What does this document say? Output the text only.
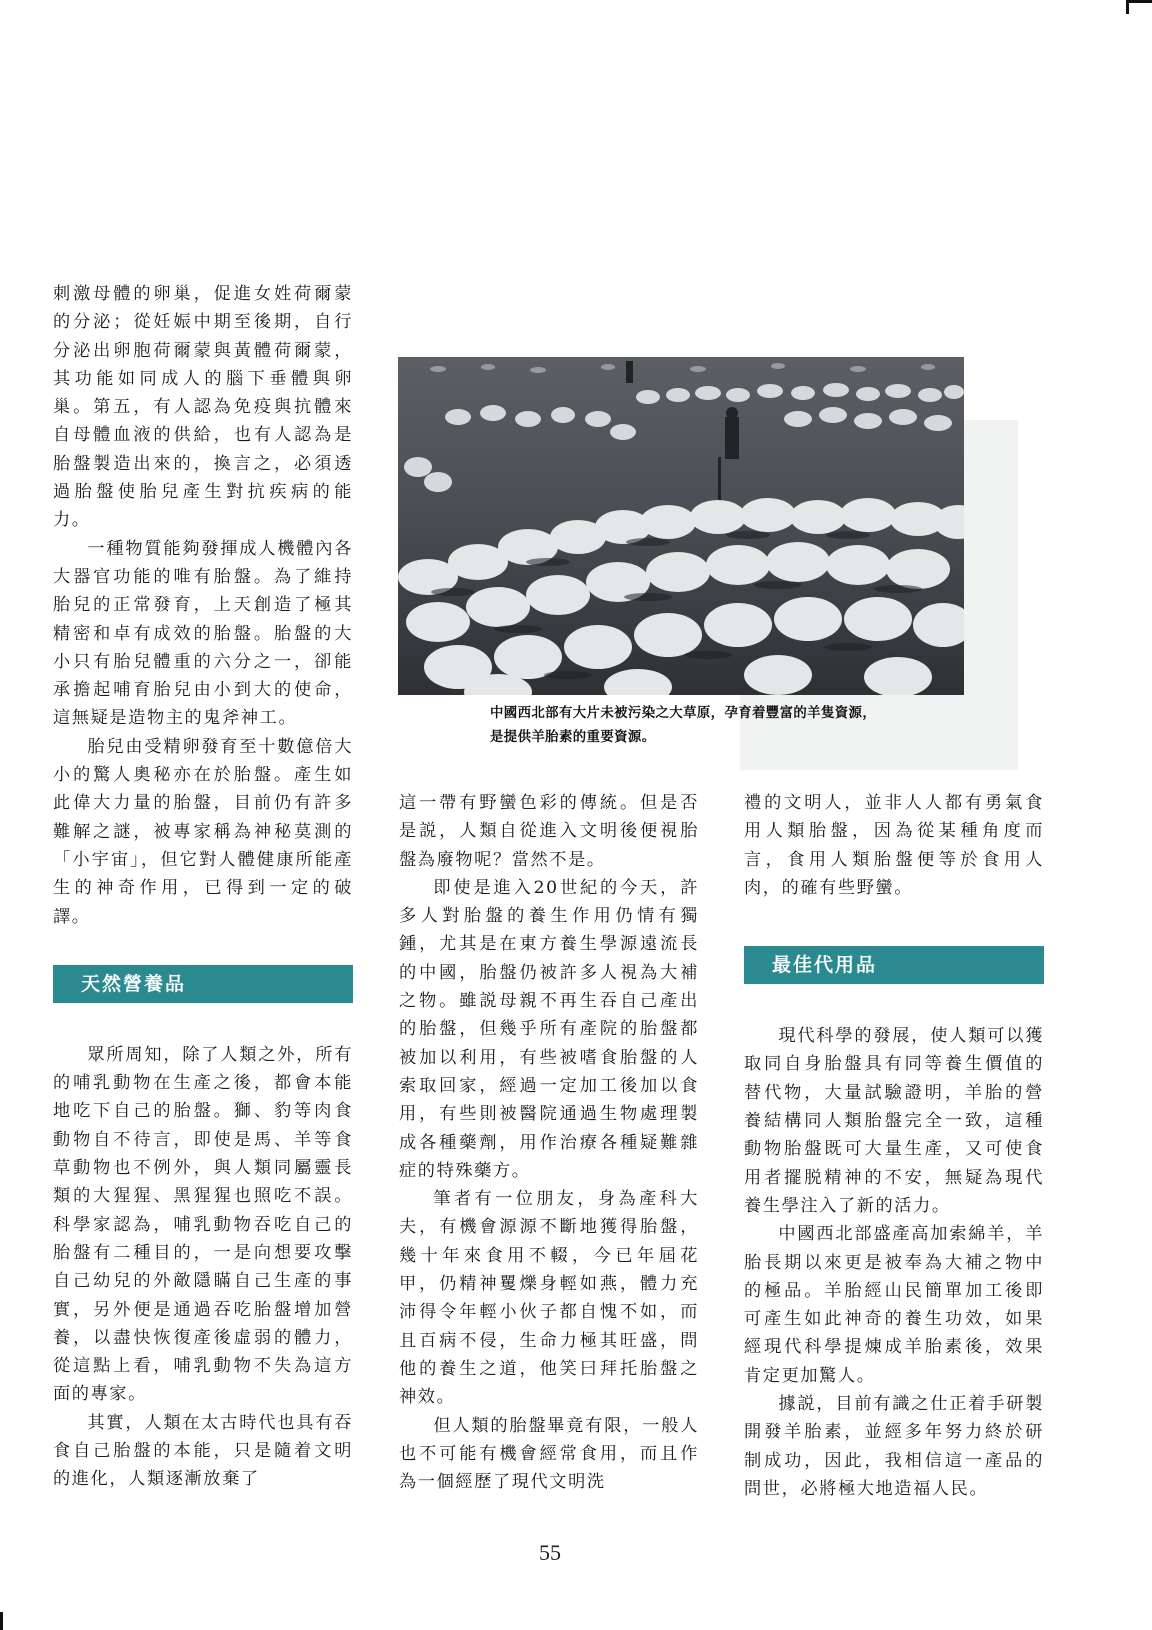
刺激母體的卵巢，促進女姓荷爾蒙的分泌；從妊娠中期至後期，自行分泌出卵胞荷爾蒙與黃體荷爾蒙，其功能如同成人的腦下垂體與卵巢。第五，有人認為免疫與抗體來自母體血液的供給，也有人認為是胎盤製造出來的，換言之，必須透過胎盤使胎兒產生對抗疾病的能力。

一種物質能夠發揮成人機體內各大器官功能的唯有胎盤。為了維持胎兒的正常發育，上天創造了極其精密和卓有成效的胎盤。胎盤的大小只有胎兒體重的六分之一，卻能承擔起哺育胎兒由小到大的使命，這無疑是造物主的鬼斧神工。

胎兒由受精卵發育至十數億倍大小的驚人奧秘亦在於胎盤。產生如此偉大力量的胎盤，目前仍有許多難解之謎，被專家稱為神秘莫測的「小宇宙」，但它對人體健康所能產生的神奇作用，已得到一定的破譯。

天然營養品

眾所周知，除了人類之外，所有的哺乳動物在生產之後，都會本能地吃下自己的胎盤。獅、豹等肉食動物自不待言，即使是馬、羊等食草動物也不例外，與人類同屬靈長類的大猩猩、黑猩猩也照吃不誤。科學家認為，哺乳動物吞吃自己的胎盤有二種目的，一是向想要攻擊自己幼兒的外敵隱瞞自己生產的事實，另外便是通過吞吃胎盤增加營養，以盡快恢復產後虛弱的體力，從這點上看，哺乳動物不失為這方面的專家。

其實，人類在太古時代也具有吞食自己胎盤的本能，只是隨着文明的進化，人類逐漸放棄了

中國西北部有大片未被污染之大草原，孕育着豐富的羊隻資源，
是提供羊胎素的重要資源。

這一帶有野蠻色彩的傳統。但是否是説，人類自從進入文明後便視胎盤為廢物呢？當然不是。

即使是進入20世紀的今天，許多人對胎盤的養生作用仍情有獨鍾，尤其是在東方養生學源遠流長的中國，胎盤仍被許多人視為大補之物。雖説母親不再生吞自己產出的胎盤，但幾乎所有產院的胎盤都被加以利用，有些被嗜食胎盤的人索取回家，經過一定加工後加以食用，有些則被醫院通過生物處理製成各種藥劑，用作治療各種疑難雜症的特殊藥方。

筆者有一位朋友，身為產科大夫，有機會源源不斷地獲得胎盤，幾十年來食用不輟，今已年屆花甲，仍精神矍爍身輕如燕，體力充沛得令年輕小伙子都自愧不如，而且百病不侵，生命力極其旺盛，問他的養生之道，他笑曰拜托胎盤之神效。

但人類的胎盤畢竟有限，一般人也不可能有機會經常食用，而且作為一個經歷了現代文明洗

禮的文明人，並非人人都有勇氣食用人類胎盤，因為從某種角度而言，食用人類胎盤便等於食用人肉，的確有些野蠻。

最佳代用品

現代科學的發展，使人類可以獲取同自身胎盤具有同等養生價值的替代物，大量試驗證明，羊胎的營養結構同人類胎盤完全一致，這種動物胎盤既可大量生產，又可使食用者擺脱精神的不安，無疑為現代養生學注入了新的活力。

中國西北部盛產高加索綿羊，羊胎長期以來更是被奉為大補之物中的極品。羊胎經山民簡單加工後即可產生如此神奇的養生功效，如果經現代科學提煉成羊胎素後，效果肯定更加驚人。

據説，目前有識之仕正着手研製開發羊胎素，並經多年努力終於研制成功，因此，我相信這一產品的問世，必將極大地造福人民。

55
